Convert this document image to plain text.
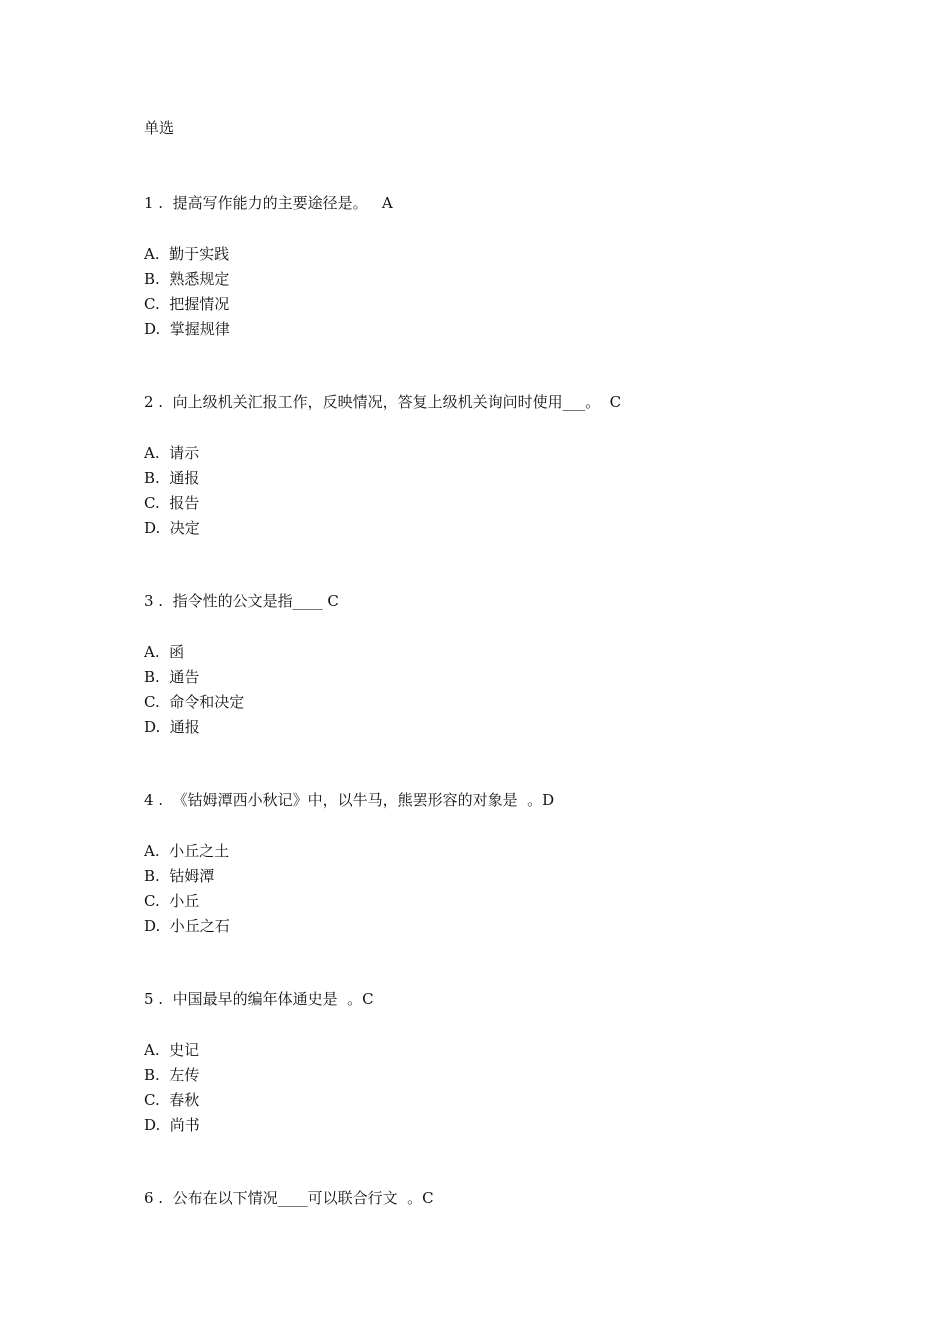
单选
1 .  提高写作能力的主要途径是。   A
A.  勤于实践
B.  熟悉规定
C.  把握情况
D.  掌握规律
2 .  向上级机关汇报工作，反映情况，答复上级机关询问时使用___。  C
A.  请示
B.  通报
C.  报告
D.  决定
3 .  指令性的公文是指____ C
A.  函
B.  通告
C.  命令和决定
D.  通报
4 .  《钴姆潭西小秋记》中，以牛马，熊罢形容的对象是  。D
A.  小丘之土
B.  钴姆潭
C.  小丘
D.  小丘之石
5 .  中国最早的编年体通史是  。C
A.  史记
B.  左传
C.  春秋
D.  尚书
6 .  公布在以下情况____可以联合行文  。C
